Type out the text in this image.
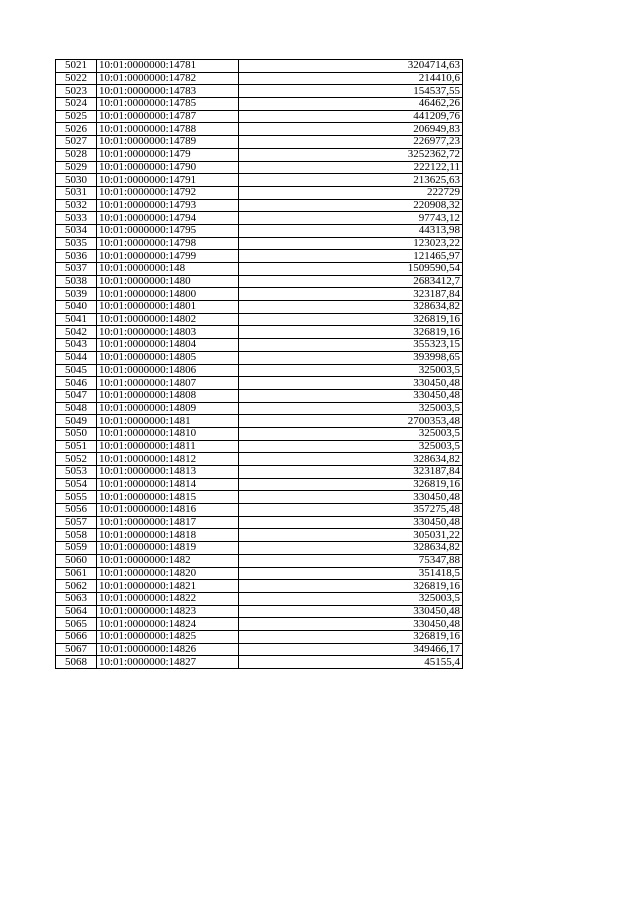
5021	10:01:0000000:14781	3204714,63
5022	10:01:0000000:14782	214410,6
5023	10:01:0000000:14783	154537,55
5024	10:01:0000000:14785	46462,26
5025	10:01:0000000:14787	441209,76
5026	10:01:0000000:14788	206949,83
5027	10:01:0000000:14789	226977,23
5028	10:01:0000000:1479	3252362,72
5029	10:01:0000000:14790	222122,11
5030	10:01:0000000:14791	213625,63
5031	10:01:0000000:14792	222729
5032	10:01:0000000:14793	220908,32
5033	10:01:0000000:14794	97743,12
5034	10:01:0000000:14795	44313,98
5035	10:01:0000000:14798	123023,22
5036	10:01:0000000:14799	121465,97
5037	10:01:0000000:148	1509590,54
5038	10:01:0000000:1480	2683412,7
5039	10:01:0000000:14800	323187,84
5040	10:01:0000000:14801	328634,82
5041	10:01:0000000:14802	326819,16
5042	10:01:0000000:14803	326819,16
5043	10:01:0000000:14804	355323,15
5044	10:01:0000000:14805	393998,65
5045	10:01:0000000:14806	325003,5
5046	10:01:0000000:14807	330450,48
5047	10:01:0000000:14808	330450,48
5048	10:01:0000000:14809	325003,5
5049	10:01:0000000:1481	2700353,48
5050	10:01:0000000:14810	325003,5
5051	10:01:0000000:14811	325003,5
5052	10:01:0000000:14812	328634,82
5053	10:01:0000000:14813	323187,84
5054	10:01:0000000:14814	326819,16
5055	10:01:0000000:14815	330450,48
5056	10:01:0000000:14816	357275,48
5057	10:01:0000000:14817	330450,48
5058	10:01:0000000:14818	305031,22
5059	10:01:0000000:14819	328634,82
5060	10:01:0000000:1482	75347,88
5061	10:01:0000000:14820	351418,5
5062	10:01:0000000:14821	326819,16
5063	10:01:0000000:14822	325003,5
5064	10:01:0000000:14823	330450,48
5065	10:01:0000000:14824	330450,48
5066	10:01:0000000:14825	326819,16
5067	10:01:0000000:14826	349466,17
5068	10:01:0000000:14827	45155,4
